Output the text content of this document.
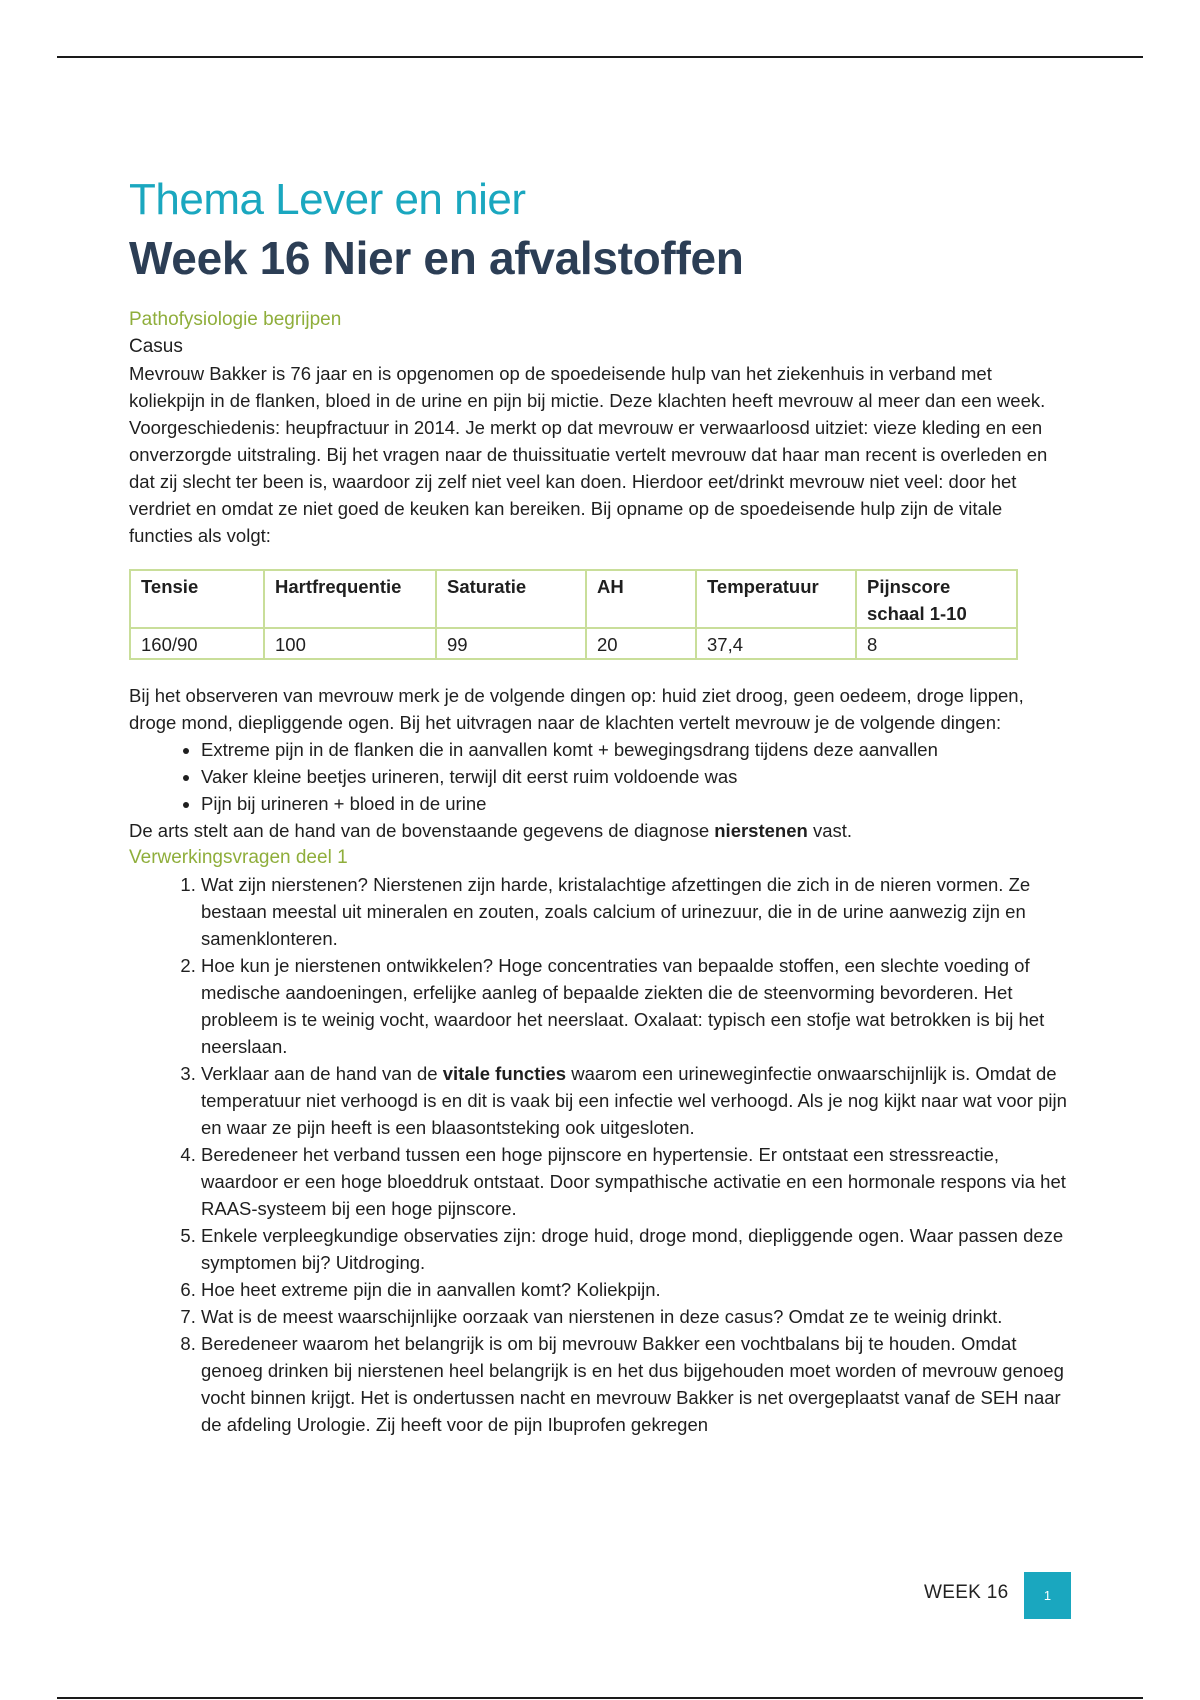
Thema Lever en nier
Week 16 Nier en afvalstoffen

Pathofysiologie begrijpen

Casus

Mevrouw Bakker is 76 jaar en is opgenomen op de spoedeisende hulp van het ziekenhuis in verband met koliekpijn in de flanken, bloed in de urine en pijn bij mictie. Deze klachten heeft mevrouw al meer dan een week. Voorgeschiedenis: heupfractuur in 2014. Je merkt op dat mevrouw er verwaarloosd uitziet: vieze kleding en een onverzorgde uitstraling. Bij het vragen naar de thuissituatie vertelt mevrouw dat haar man recent is overleden en dat zij slecht ter been is, waardoor zij zelf niet veel kan doen. Hierdoor eet/drinkt mevrouw niet veel: door het verdriet en omdat ze niet goed de keuken kan bereiken. Bij opname op de spoedeisende hulp zijn de vitale functies als volgt:

Tensie	Hartfrequentie	Saturatie	AH	Temperatuur	Pijnscore schaal 1-10
160/90	100	99	20	37,4	8

Bij het observeren van mevrouw merk je de volgende dingen op: huid ziet droog, geen oedeem, droge lippen, droge mond, diepliggende ogen. Bij het uitvragen naar de klachten vertelt mevrouw je de volgende dingen:

• Extreme pijn in de flanken die in aanvallen komt + bewegingsdrang tijdens deze aanvallen
• Vaker kleine beetjes urineren, terwijl dit eerst ruim voldoende was
• Pijn bij urineren + bloed in de urine

De arts stelt aan de hand van de bovenstaande gegevens de diagnose nierstenen vast.

Verwerkingsvragen deel 1

1. Wat zijn nierstenen? Nierstenen zijn harde, kristalachtige afzettingen die zich in de nieren vormen. Ze bestaan meestal uit mineralen en zouten, zoals calcium of urinezuur, die in de urine aanwezig zijn en samenklonteren.
2. Hoe kun je nierstenen ontwikkelen? Hoge concentraties van bepaalde stoffen, een slechte voeding of medische aandoeningen, erfelijke aanleg of bepaalde ziekten die de steenvorming bevorderen. Het probleem is te weinig vocht, waardoor het neerslaat. Oxalaat: typisch een stofje wat betrokken is bij het neerslaan.
3. Verklaar aan de hand van de vitale functies waarom een urineweginfectie onwaarschijnlijk is. Omdat de temperatuur niet verhoogd is en dit is vaak bij een infectie wel verhoogd. Als je nog kijkt naar wat voor pijn en waar ze pijn heeft is een blaasontsteking ook uitgesloten.
4. Beredeneer het verband tussen een hoge pijnscore en hypertensie. Er ontstaat een stressreactie, waardoor er een hoge bloeddruk ontstaat. Door sympathische activatie en een hormonale respons via het RAAS-systeem bij een hoge pijnscore.
5. Enkele verpleegkundige observaties zijn: droge huid, droge mond, diepliggende ogen. Waar passen deze symptomen bij? Uitdroging.
6. Hoe heet extreme pijn die in aanvallen komt? Koliekpijn.
7. Wat is de meest waarschijnlijke oorzaak van nierstenen in deze casus? Omdat ze te weinig drinkt.
8. Beredeneer waarom het belangrijk is om bij mevrouw Bakker een vochtbalans bij te houden. Omdat genoeg drinken bij nierstenen heel belangrijk is en het dus bijgehouden moet worden of mevrouw genoeg vocht binnen krijgt. Het is ondertussen nacht en mevrouw Bakker is net overgeplaatst vanaf de SEH naar de afdeling Urologie. Zij heeft voor de pijn Ibuprofen gekregen
WEEK 16	1
